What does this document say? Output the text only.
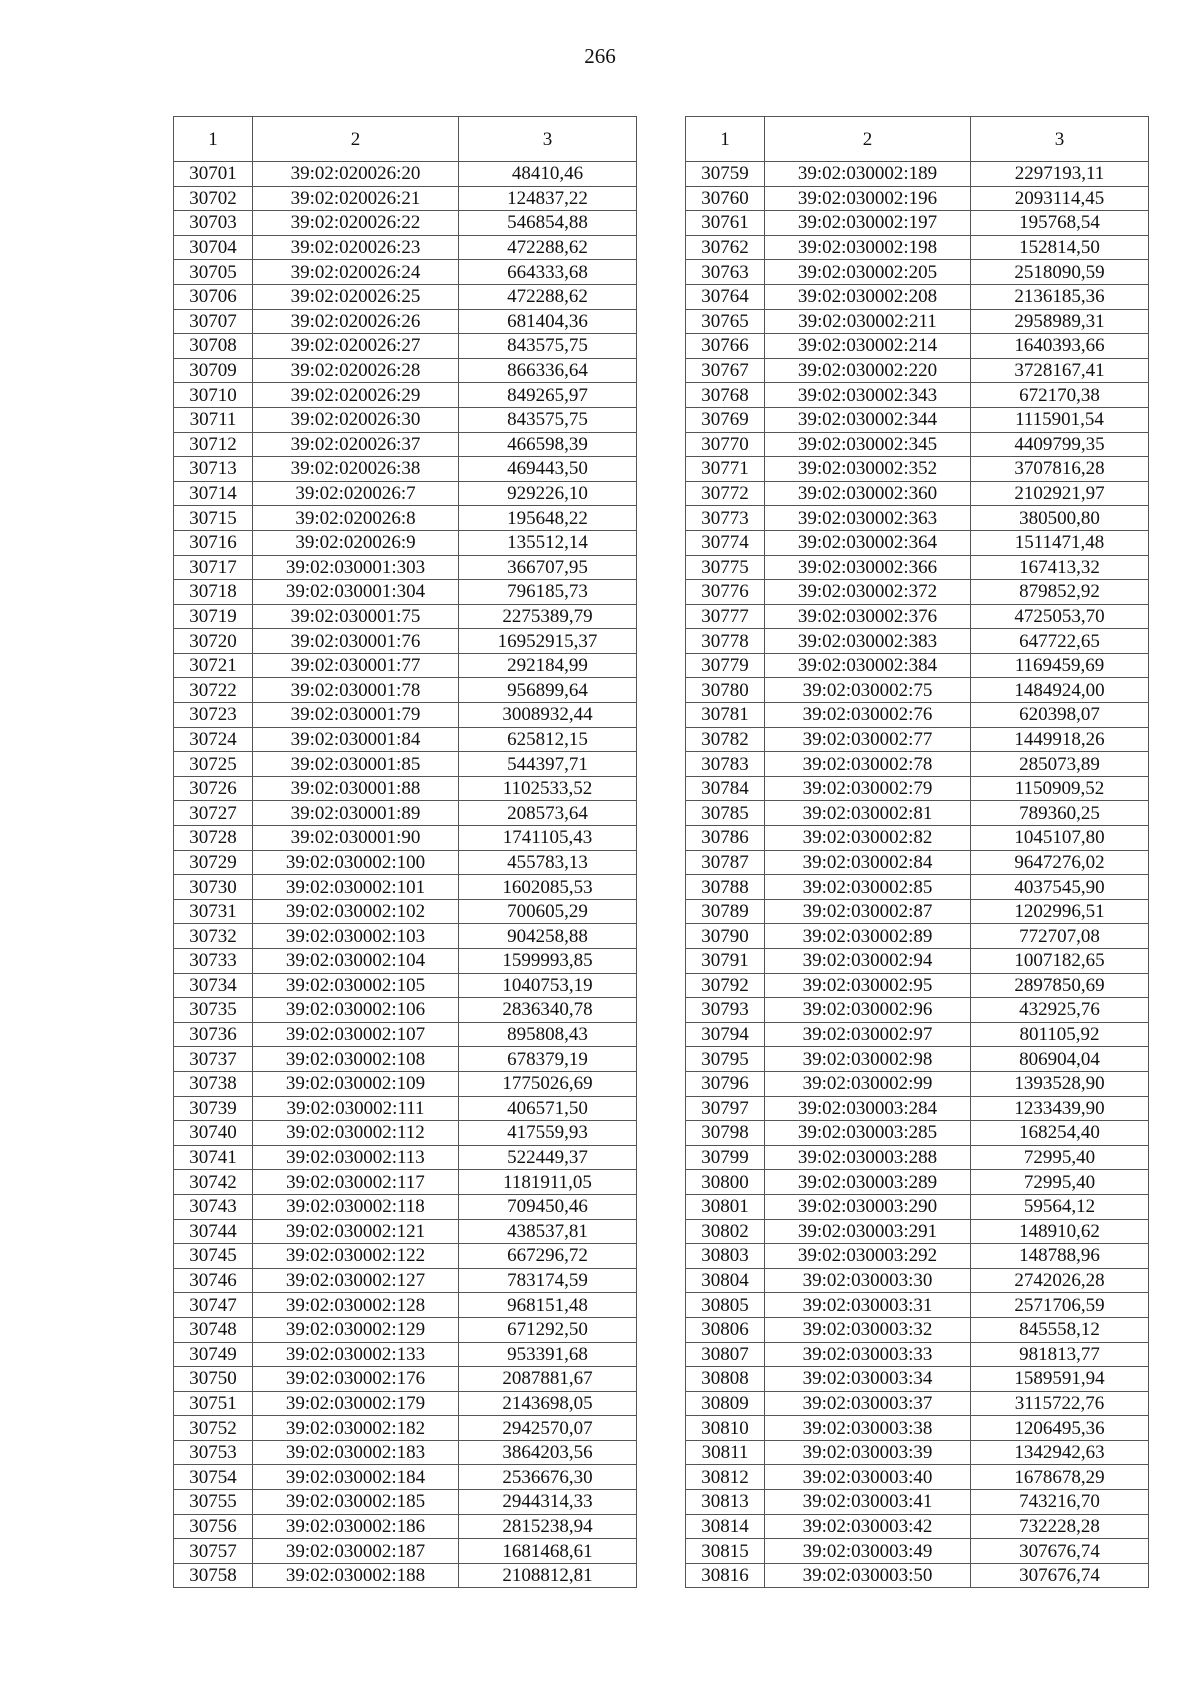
266
1	2	3
30701	39:02:020026:20	48410,46
30702	39:02:020026:21	124837,22
30703	39:02:020026:22	546854,88
30704	39:02:020026:23	472288,62
30705	39:02:020026:24	664333,68
30706	39:02:020026:25	472288,62
30707	39:02:020026:26	681404,36
30708	39:02:020026:27	843575,75
30709	39:02:020026:28	866336,64
30710	39:02:020026:29	849265,97
30711	39:02:020026:30	843575,75
30712	39:02:020026:37	466598,39
30713	39:02:020026:38	469443,50
30714	39:02:020026:7	929226,10
30715	39:02:020026:8	195648,22
30716	39:02:020026:9	135512,14
30717	39:02:030001:303	366707,95
30718	39:02:030001:304	796185,73
30719	39:02:030001:75	2275389,79
30720	39:02:030001:76	16952915,37
30721	39:02:030001:77	292184,99
30722	39:02:030001:78	956899,64
30723	39:02:030001:79	3008932,44
30724	39:02:030001:84	625812,15
30725	39:02:030001:85	544397,71
30726	39:02:030001:88	1102533,52
30727	39:02:030001:89	208573,64
30728	39:02:030001:90	1741105,43
30729	39:02:030002:100	455783,13
30730	39:02:030002:101	1602085,53
30731	39:02:030002:102	700605,29
30732	39:02:030002:103	904258,88
30733	39:02:030002:104	1599993,85
30734	39:02:030002:105	1040753,19
30735	39:02:030002:106	2836340,78
30736	39:02:030002:107	895808,43
30737	39:02:030002:108	678379,19
30738	39:02:030002:109	1775026,69
30739	39:02:030002:111	406571,50
30740	39:02:030002:112	417559,93
30741	39:02:030002:113	522449,37
30742	39:02:030002:117	1181911,05
30743	39:02:030002:118	709450,46
30744	39:02:030002:121	438537,81
30745	39:02:030002:122	667296,72
30746	39:02:030002:127	783174,59
30747	39:02:030002:128	968151,48
30748	39:02:030002:129	671292,50
30749	39:02:030002:133	953391,68
30750	39:02:030002:176	2087881,67
30751	39:02:030002:179	2143698,05
30752	39:02:030002:182	2942570,07
30753	39:02:030002:183	3864203,56
30754	39:02:030002:184	2536676,30
30755	39:02:030002:185	2944314,33
30756	39:02:030002:186	2815238,94
30757	39:02:030002:187	1681468,61
30758	39:02:030002:188	2108812,81
1	2	3
30759	39:02:030002:189	2297193,11
30760	39:02:030002:196	2093114,45
30761	39:02:030002:197	195768,54
30762	39:02:030002:198	152814,50
30763	39:02:030002:205	2518090,59
30764	39:02:030002:208	2136185,36
30765	39:02:030002:211	2958989,31
30766	39:02:030002:214	1640393,66
30767	39:02:030002:220	3728167,41
30768	39:02:030002:343	672170,38
30769	39:02:030002:344	1115901,54
30770	39:02:030002:345	4409799,35
30771	39:02:030002:352	3707816,28
30772	39:02:030002:360	2102921,97
30773	39:02:030002:363	380500,80
30774	39:02:030002:364	1511471,48
30775	39:02:030002:366	167413,32
30776	39:02:030002:372	879852,92
30777	39:02:030002:376	4725053,70
30778	39:02:030002:383	647722,65
30779	39:02:030002:384	1169459,69
30780	39:02:030002:75	1484924,00
30781	39:02:030002:76	620398,07
30782	39:02:030002:77	1449918,26
30783	39:02:030002:78	285073,89
30784	39:02:030002:79	1150909,52
30785	39:02:030002:81	789360,25
30786	39:02:030002:82	1045107,80
30787	39:02:030002:84	9647276,02
30788	39:02:030002:85	4037545,90
30789	39:02:030002:87	1202996,51
30790	39:02:030002:89	772707,08
30791	39:02:030002:94	1007182,65
30792	39:02:030002:95	2897850,69
30793	39:02:030002:96	432925,76
30794	39:02:030002:97	801105,92
30795	39:02:030002:98	806904,04
30796	39:02:030002:99	1393528,90
30797	39:02:030003:284	1233439,90
30798	39:02:030003:285	168254,40
30799	39:02:030003:288	72995,40
30800	39:02:030003:289	72995,40
30801	39:02:030003:290	59564,12
30802	39:02:030003:291	148910,62
30803	39:02:030003:292	148788,96
30804	39:02:030003:30	2742026,28
30805	39:02:030003:31	2571706,59
30806	39:02:030003:32	845558,12
30807	39:02:030003:33	981813,77
30808	39:02:030003:34	1589591,94
30809	39:02:030003:37	3115722,76
30810	39:02:030003:38	1206495,36
30811	39:02:030003:39	1342942,63
30812	39:02:030003:40	1678678,29
30813	39:02:030003:41	743216,70
30814	39:02:030003:42	732228,28
30815	39:02:030003:49	307676,74
30816	39:02:030003:50	307676,74
